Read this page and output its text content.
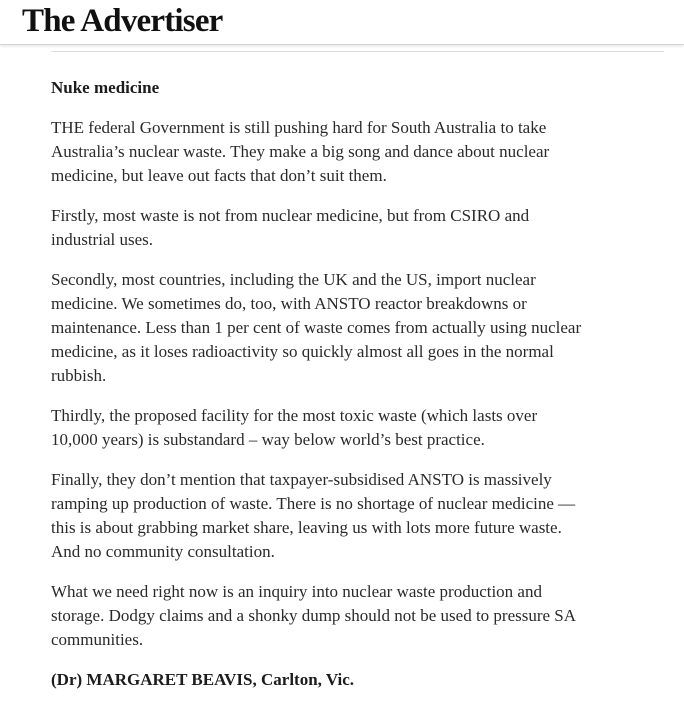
The Advertiser
Nuke medicine

THE federal Government is still pushing hard for South Australia to take
Australia’s nuclear waste. They make a big song and dance about nuclear
medicine, but leave out facts that don’t suit them.

Firstly, most waste is not from nuclear medicine, but from CSIRO and
industrial uses.

Secondly, most countries, including the UK and the US, import nuclear
medicine. We sometimes do, too, with ANSTO reactor breakdowns or
maintenance. Less than 1 per cent of waste comes from actually using nuclear
medicine, as it loses radioactivity so quickly almost all goes in the normal
rubbish.

Thirdly, the proposed facility for the most toxic waste (which lasts over
10,000 years) is substandard – way below world’s best practice.

Finally, they don’t mention that taxpayer-subsidised ANSTO is massively
ramping up production of waste. There is no shortage of nuclear medicine —
this is about grabbing market share, leaving us with lots more future waste.
And no community consultation.

What we need right now is an inquiry into nuclear waste production and
storage. Dodgy claims and a shonky dump should not be used to pressure SA
communities.

(Dr) MARGARET BEAVIS, Carlton, Vic.
